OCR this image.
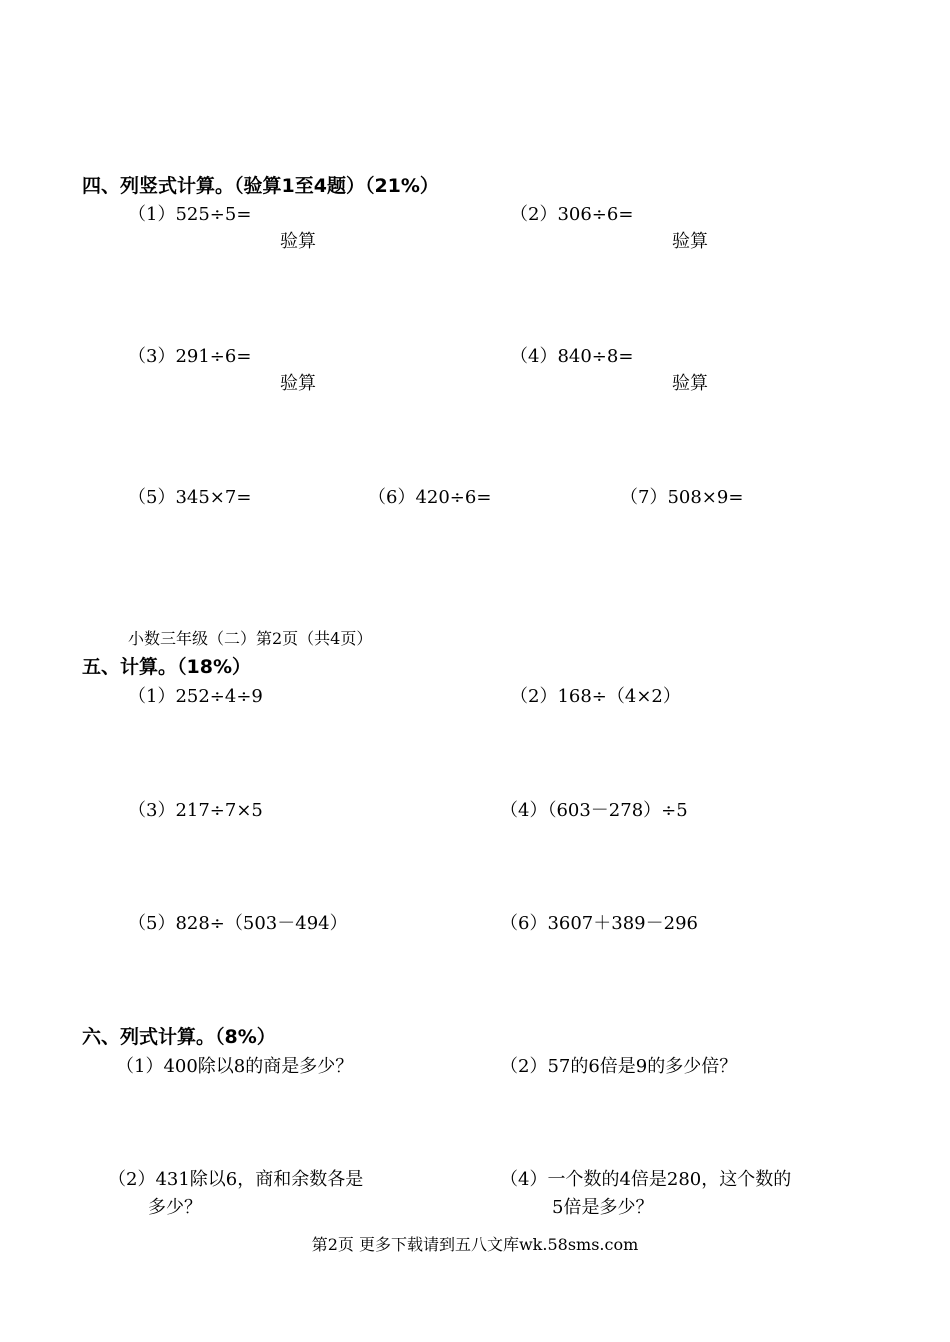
四、列竖式计算。（验算1至4题）（21%）
（1）525÷5=	（2）306÷6=
验算	验算
（3）291÷6=	（4）840÷8=
验算	验算
（5）345×7=	（6）420÷6=	（7）508×9=
小数三年级（二）第2页（共4页）
五、计算。（18%）
（1）252÷4÷9	（2）168÷（4×2）
（3）217÷7×5	（4）（603－278）÷5
（5）828÷（503－494）	（6）3607＋389－296
六、列式计算。（8%）
（1）400除以8的商是多少？	（2）57的6倍是9的多少倍？
（2）431除以6，商和余数各是
多少？
（4）一个数的4倍是280，这个数的
5倍是多少？
第2页 更多下载请到五八文库wk.58sms.com
